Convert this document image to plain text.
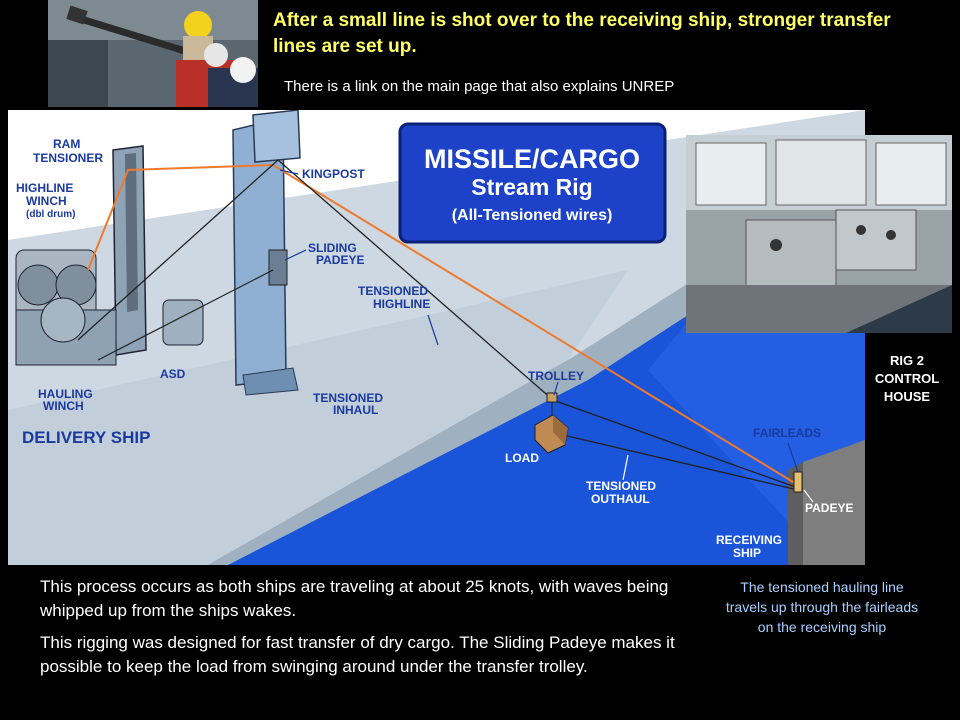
After a small line is shot over to the receiving ship, stronger transfer lines are set up.
There is a link on the main page that also explains UNREP
MISSILE/CARGO
Stream Rig
(All-Tensioned wires)
RAM
TENSIONER
HIGHLINE
WINCH
(dbl drum)
KINGPOST
SLIDING
PADEYE
TENSIONED
HIGHLINE
ASD
HAULING
WINCH
TENSIONED
INHAUL
TROLLEY
FAIRLEADS
DELIVERY SHIP
LOAD
TENSIONED
OUTHAUL
PADEYE
RECEIVING
SHIP
RIG 2 CONTROL HOUSE

This process occurs as both ships are traveling at about 25 knots, with waves being whipped up from the ships wakes.

This rigging was designed for fast transfer of dry cargo. The Sliding Padeye makes it possible to keep the load from swinging around under the transfer trolley.

The tensioned hauling line travels up through the fairleads on the receiving ship
